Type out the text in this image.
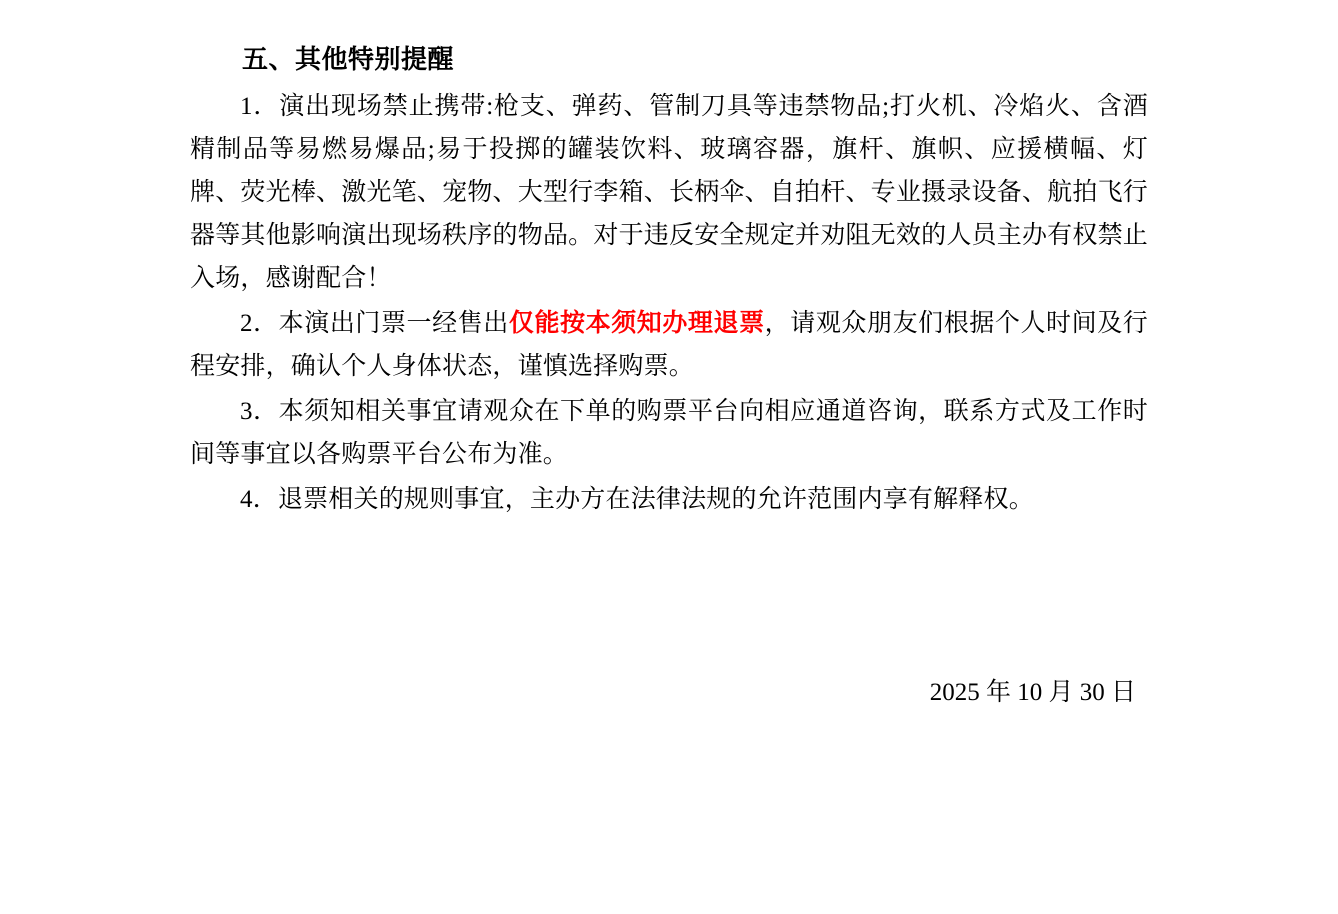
五、其他特别提醒

1．演出现场禁止携带:枪支、弹药、管制刀具等违禁物品;打火机、冷焰火、含酒精制品等易燃易爆品;易于投掷的罐装饮料、玻璃容器，旗杆、旗帜、应援横幅、灯牌、荧光棒、激光笔、宠物、大型行李箱、长柄伞、自拍杆、专业摄录设备、航拍飞行器等其他影响演出现场秩序的物品。对于违反安全规定并劝阻无效的人员主办有权禁止入场，感谢配合！

2．本演出门票一经售出仅能按本须知办理退票，请观众朋友们根据个人时间及行程安排，确认个人身体状态，谨慎选择购票。

3．本须知相关事宜请观众在下单的购票平台向相应通道咨询，联系方式及工作时间等事宜以各购票平台公布为准。

4．退票相关的规则事宜，主办方在法律法规的允许范围内享有解释权。

2025 年 10 月 30 日
